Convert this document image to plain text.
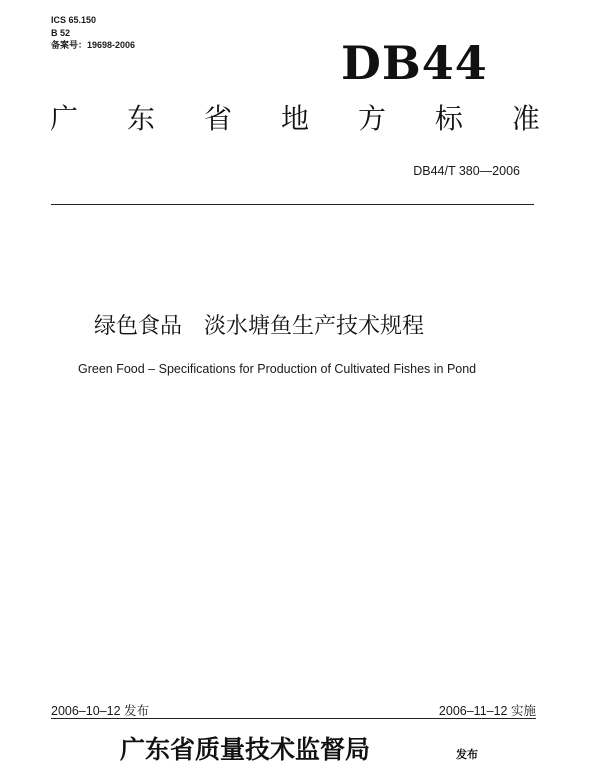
ICS 65.150
B 52
备案号：19698-2006	DB44
广 东 省 地 方 标 准
DB44/T 380—2006
绿色食品 淡水塘鱼生产技术规程
Green Food – Specifications for Production of Cultivated Fishes in Pond
2006–10–12 发布	2006–11–12 实施
广东省质量技术监督局	发布
